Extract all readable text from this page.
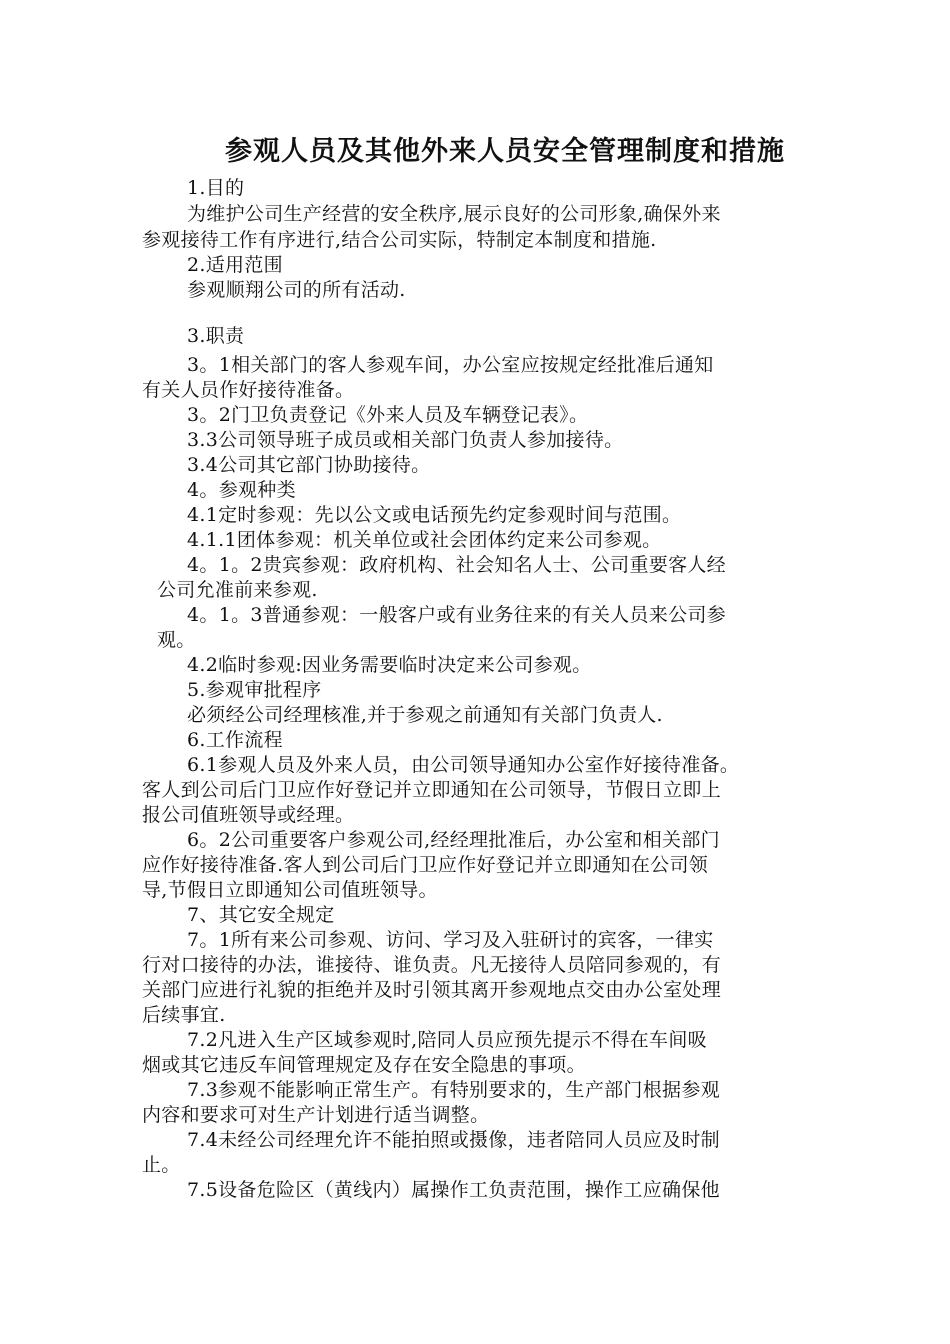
参观人员及其他外来人员安全管理制度和措施
1.目的
为维护公司生产经营的安全秩序,展示良好的公司形象,确保外来
参观接待工作有序进行,结合公司实际，特制定本制度和措施.
2.适用范围
参观顺翔公司的所有活动.
3.职责
3。1相关部门的客人参观车间，办公室应按规定经批准后通知
有关人员作好接待准备。
3。2门卫负责登记《外来人员及车辆登记表》。
3.3公司领导班子成员或相关部门负责人参加接待。
3.4公司其它部门协助接待。
4。参观种类
4.1定时参观：先以公文或电话预先约定参观时间与范围。
4.1.1团体参观：机关单位或社会团体约定来公司参观。
4。1。2贵宾参观：政府机构、社会知名人士、公司重要客人经
公司允准前来参观.
4。1。3普通参观：一般客户或有业务往来的有关人员来公司参
观。
4.2临时参观:因业务需要临时决定来公司参观。
5.参观审批程序
必须经公司经理核准,并于参观之前通知有关部门负责人.
6.工作流程
6.1参观人员及外来人员，由公司领导通知办公室作好接待准备。
客人到公司后门卫应作好登记并立即通知在公司领导，节假日立即上
报公司值班领导或经理。
6。2公司重要客户参观公司,经经理批准后，办公室和相关部门
应作好接待准备.客人到公司后门卫应作好登记并立即通知在公司领
导,节假日立即通知公司值班领导。
7、其它安全规定
7。1所有来公司参观、访问、学习及入驻研讨的宾客，一律实
行对口接待的办法，谁接待、谁负责。凡无接待人员陪同参观的，有
关部门应进行礼貌的拒绝并及时引领其离开参观地点交由办公室处理
后续事宜.
7.2凡进入生产区域参观时,陪同人员应预先提示不得在车间吸
烟或其它违反车间管理规定及存在安全隐患的事项。
7.3参观不能影响正常生产。有特别要求的，生产部门根据参观
内容和要求可对生产计划进行适当调整。
7.4未经公司经理允许不能拍照或摄像，违者陪同人员应及时制
止。
7.5设备危险区（黄线内）属操作工负责范围，操作工应确保他
